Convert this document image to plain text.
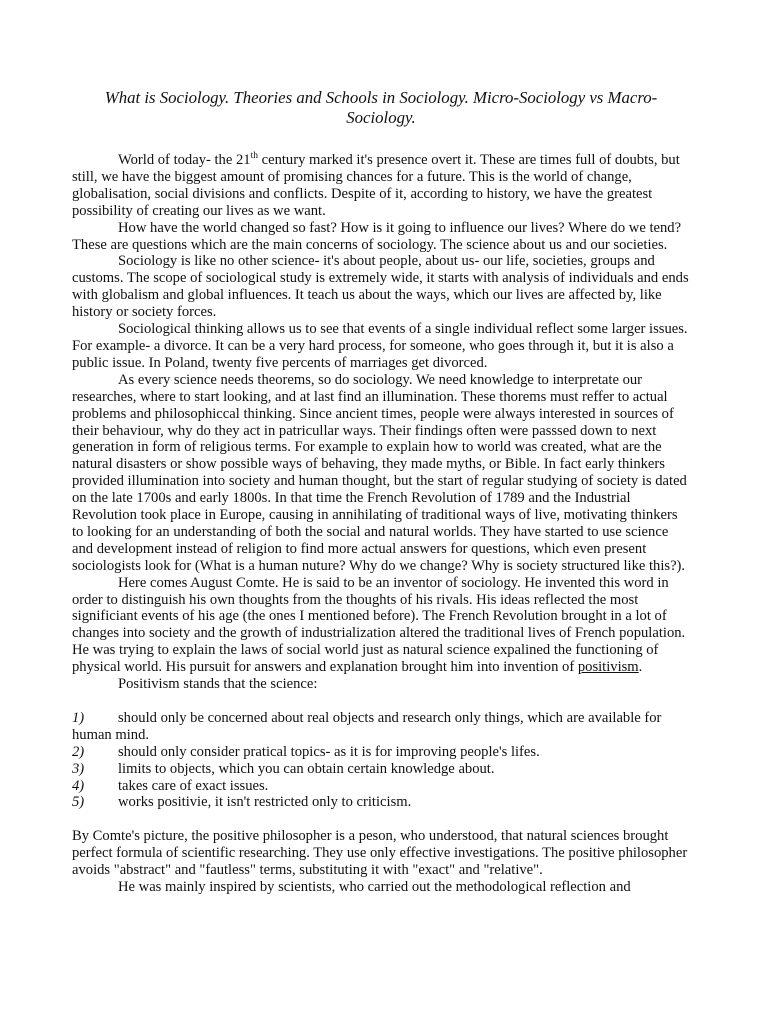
What is Sociology. Theories and Schools in Sociology. Micro-Sociology vs Macro-Sociology.

World of today- the 21th century marked it's presence overt it. These are times full of doubts, but still, we have the biggest amount of promising chances for a future. This is the world of change, globalisation, social divisions and conflicts. Despite of it, according to history, we have the greatest possibility of creating our lives as we want.

How have the world changed so fast? How is it going to influence our lives? Where do we tend? These are questions which are the main concerns of sociology. The science about us and our societies.

Sociology is like no other science- it's about people, about us- our life, societies, groups and customs. The scope of sociological study is extremely wide, it starts with analysis of individuals and ends with globalism and global influences. It teach us about the ways, which our lives are affected by, like history or society forces.

Sociological thinking allows us to see that events of a single individual reflect some larger issues. For example- a divorce. It can be a very hard process, for someone, who goes through it, but it is also a public issue. In Poland, twenty five percents of marriages get divorced.

As every science needs theorems, so do sociology. We need knowledge to interpretate our researches, where to start looking, and at last find an illumination. These thorems must reffer to actual problems and philosophiccal thinking. Since ancient times, people were always interested in sources of their behaviour, why do they act in patricullar ways. Their findings often were passsed down to next generation in form of religious terms. For example to explain how to world was created, what are the natural disasters or show possible ways of behaving, they made myths, or Bible. In fact early thinkers provided illumination into society and human thought, but the start of regular studying of society is dated on the late 1700s and early 1800s. In that time the French Revolution of 1789 and the Industrial Revolution took place in Europe, causing in annihilating of traditional ways of live, motivating thinkers to looking for an understanding of both the social and natural worlds. They have started to use science and development instead of religion to find more actual answers for questions, which even present sociologists look for (What is a human nuture? Why do we change? Why is society structured like this?).

Here comes August Comte. He is said to be an inventor of sociology. He invented this word in order to distinguish his own thoughts from the thoughts of his rivals. His ideas reflected the most significiant events of his age (the ones I mentioned before). The French Revolution brought in a lot of changes into society and the growth of industrialization altered the traditional lives of French population. He was trying to explain the laws of social world just as natural science expalined the functioning of physical world. His pursuit for answers and explanation brought him into invention of positivism.

Positivism stands that the science:

1) should only be concerned about real objects and research only things, which are available for human mind.
2) should only consider pratical topics- as it is for improving people's lifes.
3) limits to objects, which you can obtain certain knowledge about.
4) takes care of exact issues.
5) works positivie, it isn't restricted only to criticism.

By Comte's picture, the positive philosopher is a peson, who understood, that natural sciences brought perfect formula of scientific researching. They use only effective investigations. The positive philosopher avoids "abstract" and "fautless" terms, substituting it with "exact" and "relative".

He was mainly inspired by scientists, who carried out the methodological reflection and
